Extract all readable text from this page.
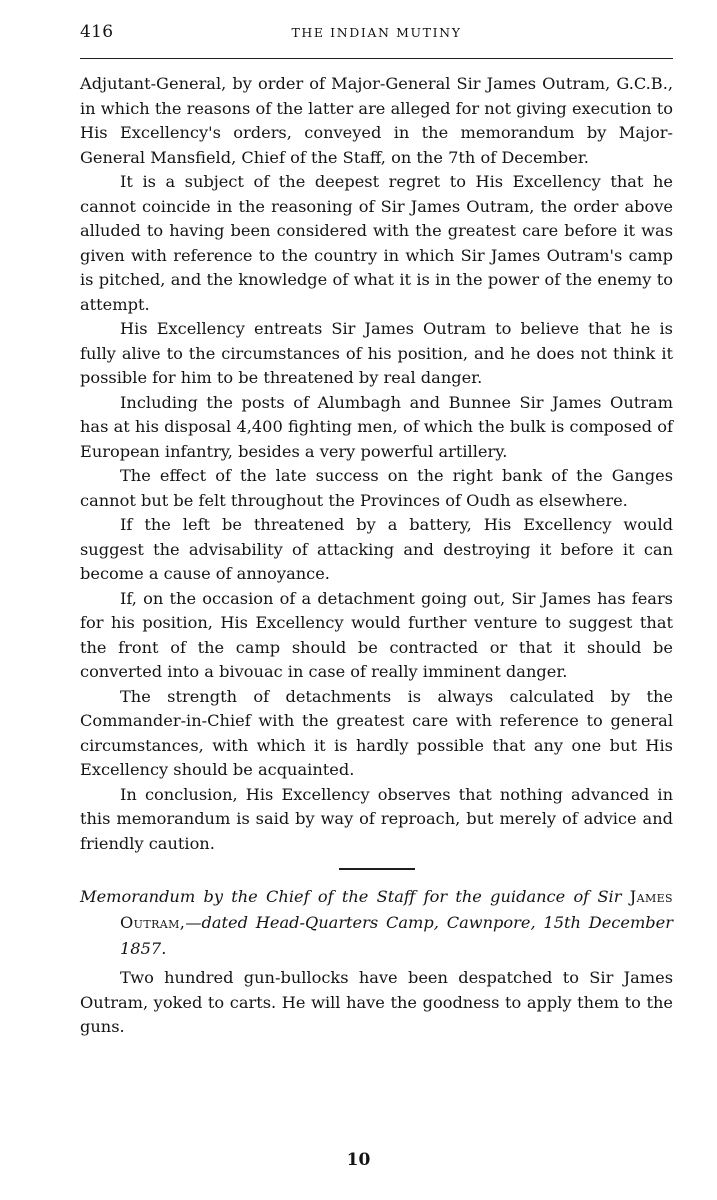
416	THE INDIAN MUTINY

Adjutant-General, by order of Major-General Sir James Outram, G.C.B., in which the reasons of the latter are alleged for not giving execution to His Excellency's orders, conveyed in the memorandum by Major-General Mansfield, Chief of the Staff, on the 7th of December.

It is a subject of the deepest regret to His Excellency that he cannot coincide in the reasoning of Sir James Outram, the order above alluded to having been considered with the greatest care before it was given with reference to the country in which Sir James Outram's camp is pitched, and the knowledge of what it is in the power of the enemy to attempt.

His Excellency entreats Sir James Outram to believe that he is fully alive to the circumstances of his position, and he does not think it possible for him to be threatened by real danger.

Including the posts of Alumbagh and Bunnee Sir James Outram has at his disposal 4,400 fighting men, of which the bulk is composed of European infantry, besides a very powerful artillery.

The effect of the late success on the right bank of the Ganges cannot but be felt throughout the Provinces of Oudh as elsewhere.

If the left be threatened by a battery, His Excellency would suggest the advisability of attacking and destroying it before it can become a cause of annoyance.

If, on the occasion of a detachment going out, Sir James has fears for his position, His Excellency would further venture to suggest that the front of the camp should be contracted or that it should be converted into a bivouac in case of really imminent danger.

The strength of detachments is always calculated by the Commander-in-Chief with the greatest care with reference to general circumstances, with which it is hardly possible that any one but His Excellency should be acquainted.

In conclusion, His Excellency observes that nothing advanced in this memorandum is said by way of reproach, but merely of advice and friendly caution.

Memorandum by the Chief of the Staff for the guidance of Sir James Outram,—dated Head-Quarters Camp, Cawnpore, 15th December 1857.

Two hundred gun-bullocks have been despatched to Sir James Outram, yoked to carts. He will have the goodness to apply them to the guns.

10
